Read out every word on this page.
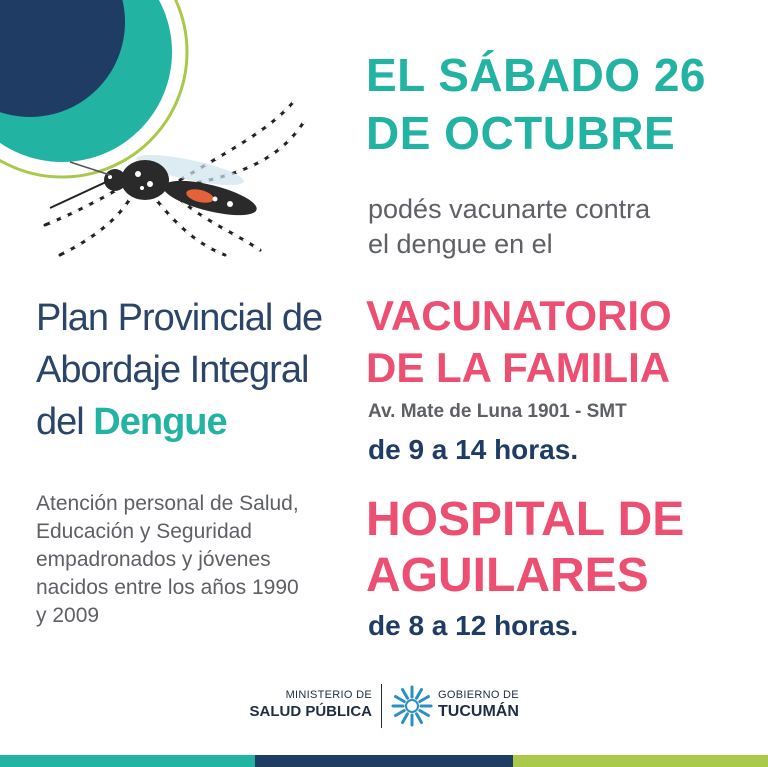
EL SÁBADO 26
DE OCTUBRE
podés vacunarte contra
el dengue en el
VACUNATORIO
DE LA FAMILIA
Av. Mate de Luna 1901 - SMT
de 9 a 14 horas.
HOSPITAL DE
AGUILARES
de 8 a 12 horas.
Plan Provincial de
Abordaje Integral
del Dengue
Atención personal de Salud,
Educación y Seguridad
empadronados y jóvenes
nacidos entre los años 1990
y 2009
MINISTERIO DE
SALUD PÚBLICA
GOBIERNO DE
TUCUMÁN
